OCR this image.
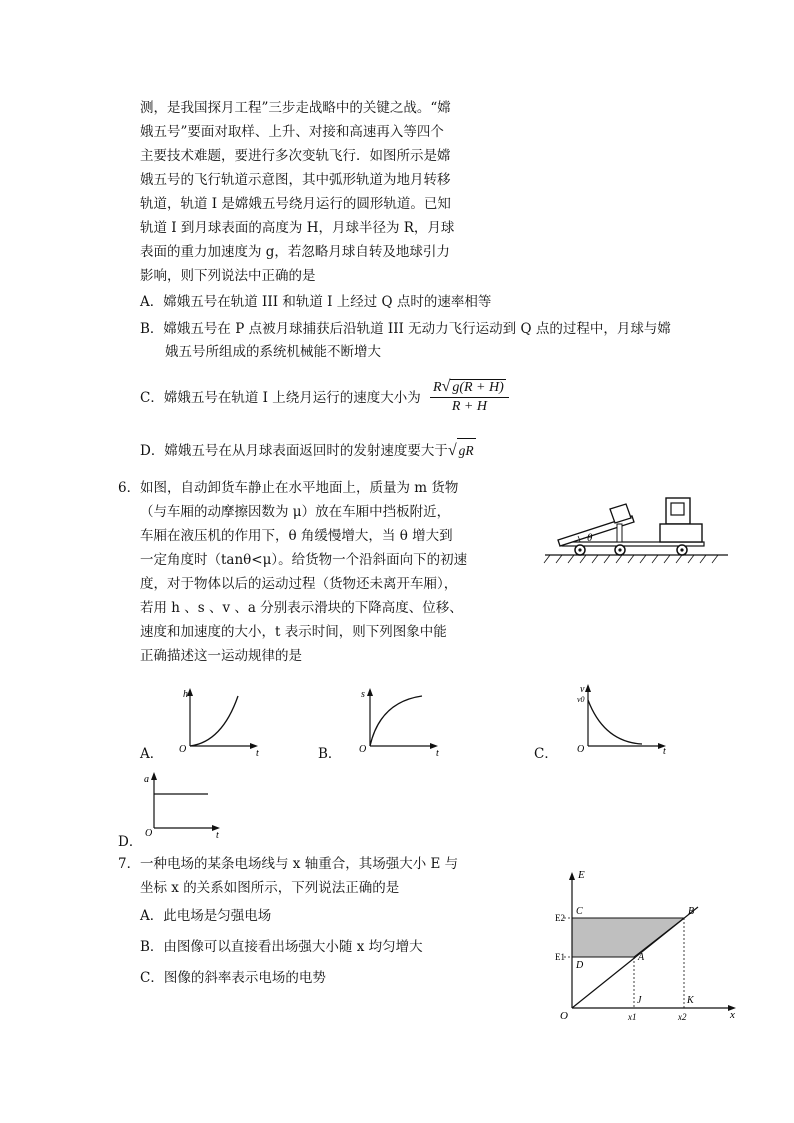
测，是我国探月工程”三步走战略中的关键之战。“嫦
娥五号”要面对取样、上升、对接和高速再入等四个
主要技术难题，要进行多次变轨飞行．如图所示是嫦
娥五号的飞行轨道示意图，其中弧形轨道为地月转移
轨道，轨道 I 是嫦娥五号绕月运行的圆形轨道。已知
轨道 I 到月球表面的高度为 H，月球半径为 R，月球
表面的重力加速度为 g，若忽略月球自转及地球引力
影响，则下列说法中正确的是
A．嫦娥五号在轨道 III 和轨道 I 上经过 Q 点时的速率相等
B．嫦娥五号在 P 点被月球捕获后沿轨道 III 无动力飞行运动到 Q 点的过程中，月球与嫦
娥五号所组成的系统机械能不断增大
C．嫦娥五号在轨道 I 上绕月运行的速度大小为 $\frac{R√ g(R + H)}{R + H}$
D．嫦娥五号在从月球表面返回时的发射速度要大于√ gR
6． 如图，自动卸货车静止在水平地面上，质量为 m 货物
（与车厢的动摩擦因数为 μ）放在车厢中挡板附近，
车厢在液压机的作用下，θ 角缓慢增大，当 θ 增大到
一定角度时（tanθ<μ）。给货物一个沿斜面向下的初速
度，对于物体以后的运动过程（货物还未离开车厢），
若用 h 、s 、v 、a 分别表示滑块的下降高度、位移、
速度和加速度的大小，t 表示时间，则下列图象中能
正确描述这一运动规律的是
θ
A．
h
t
O	B．
s
t
O	C．
v
v0
t
O
a
t
O
D．
7． 一种电场的某条电场线与 x 轴重合，其场强大小 E 与
坐标 x 的关系如图所示，下列说法正确的是
A．此电场是匀强电场
B．由图像可以直接看出场强大小随 x 均匀增大
C．图像的斜率表示电场的电势
E
x
O
E2
E1
C	B
D
A
J	K
x1	x2
